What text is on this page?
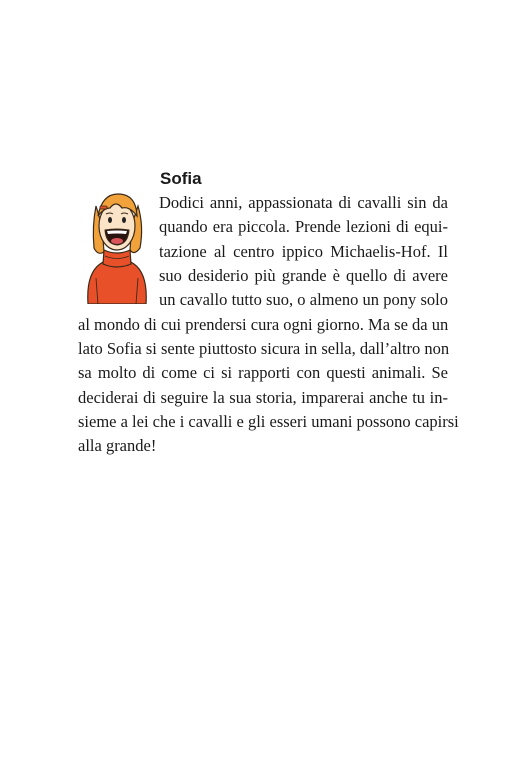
Sofia

Dodici anni, appassionata di cavalli sin da

quando era piccola. Prende lezioni di equi-

tazione al centro ippico Michaelis-Hof. Il

suo desiderio più grande è quello di avere

un cavallo tutto suo, o almeno un pony solo

al mondo di cui prendersi cura ogni giorno. Ma se da un

lato Sofia si sente piuttosto sicura in sella, dall’altro non

sa molto di come ci si rapporti con questi animali. Se

deciderai di seguire la sua storia, imparerai anche tu in-

sieme a lei che i cavalli e gli esseri umani possono capirsi

alla grande!
